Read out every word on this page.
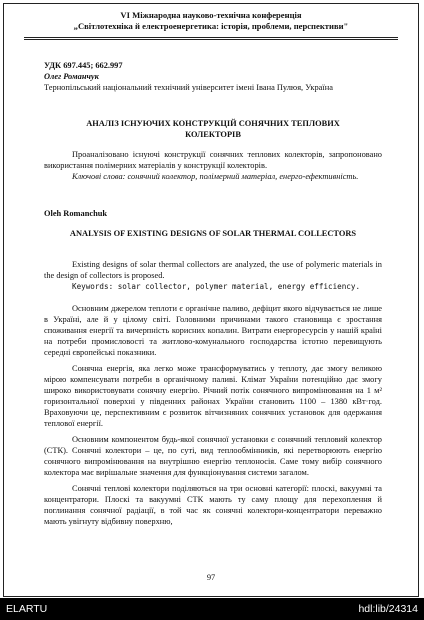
VI Міжнародна науково-технічна конференція
„Світлотехніка й електроенергетика: історія, проблеми, перспективи"

УДК 697.445; 662.997

Олег Романчук

Тернопільський національний технічний університет імені Івана Пулюя, Україна

АНАЛІЗ ІСНУЮЧИХ КОНСТРУКЦІЙ СОНЯЧНИХ ТЕПЛОВИХ КОЛЕКТОРІВ

Проаналізовано існуючі конструкції сонячних теплових колекторів, запропоновано використання полімерних матеріалів у конструкції колекторів.

Ключові слова: сонячний колектор, полімерний матеріал, енерго-ефективність.

Oleh Romanchuk

ANALYSIS OF EXISTING DESIGNS OF SOLAR THERMAL COLLECTORS

Existing designs of solar thermal collectors are analyzed, the use of polymeric materials in the design of collectors is proposed.

Keywords: solar collector, polymer material, energy efficiency.

Основним джерелом теплоти є органічне паливо, дефіцит якого відчувається не лише в Україні, але й у цілому світі. Головними причинами такого становища є зростання споживання енергії та вичерпність корисних копалин. Витрати енергоресурсів у нашій країні на потреби промисловості та житлово-комунального господарства істотно перевищують середні європейські показники.

Сонячна енергія, яка легко може трансформуватись у теплоту, дає змогу великою мірою компенсувати потреби в органічному паливі. Клімат України потенційно дає змогу широко використовувати сонячну енергію. Річний потік сонячного випромінювання на 1 м² горизонтальної поверхні у південних районах України становить 1100 – 1380 кВт·год. Враховуючи це, перспективним є розвиток вітчизняних сонячних установок для одержання теплової енергії.

Основним компонентом будь-якої сонячної установки є сонячний тепловий колектор (СТК). Сонячні колектори – це, по суті, вид теплообмінників, які перетворюють енергію сонячного випромінювання на внутрішню енергію теплоносія. Саме тому вибір сонячного колектора має вирішальне значення для функціонування системи загалом.

Сонячні теплові колектори поділяються на три основні категорії: плоскі, вакуумні та концентратори. Плоскі та вакуумні СТК мають ту саму площу для перехоплення й поглинання сонячної радіації, в той час як сонячні колектори-концентратори переважно мають увігнуту відбивну поверхню,

97
ELARTU	hdl:lib/24314
